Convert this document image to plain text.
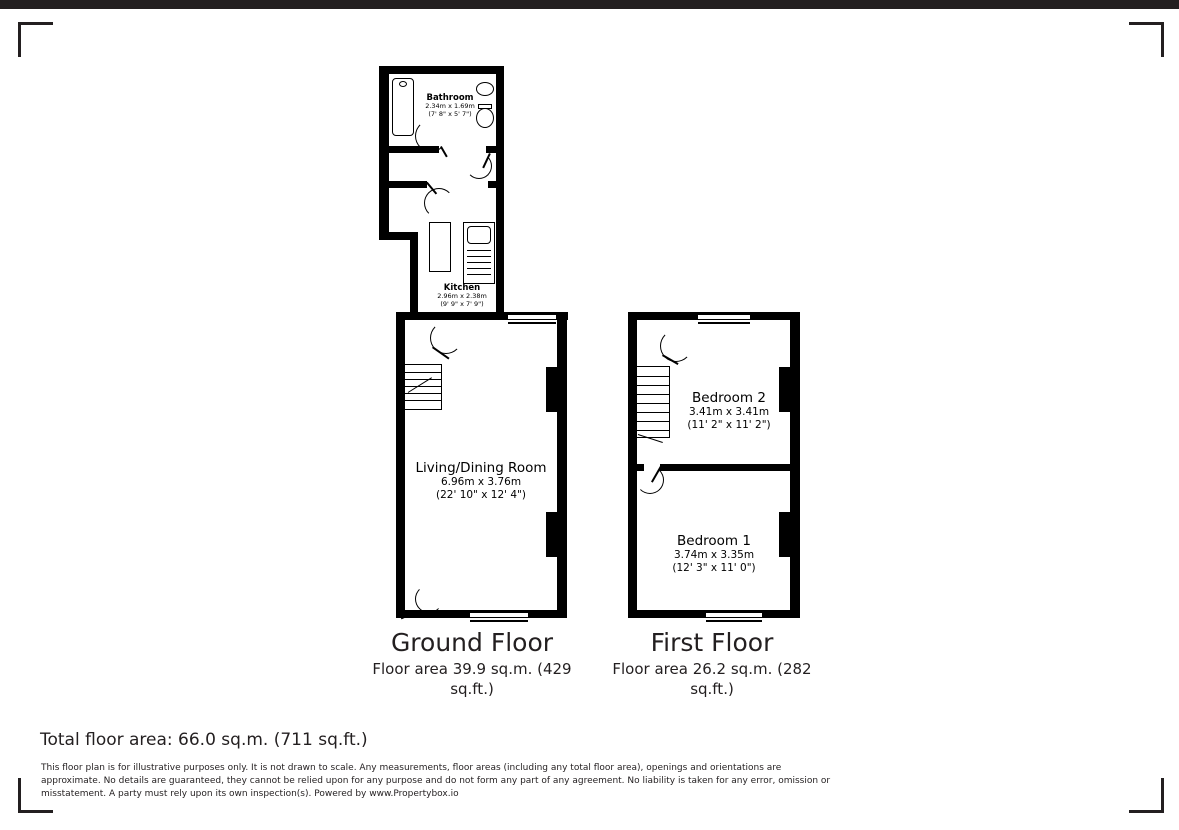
Bathroom
2.34m x 1.69m
(7' 8" x 5' 7")
Kitchen
2.96m x 2.38m
(9' 9" x 7' 9")
Living/Dining Room
6.96m x 3.76m
(22' 10" x 12' 4")
Bedroom 2
3.41m x 3.41m
(11' 2" x 11' 2")
Bedroom 1
3.74m x 3.35m
(12' 3" x 11' 0")
Ground Floor
Floor area 39.9 sq.m. (429 sq.ft.)
First Floor
Floor area 26.2 sq.m. (282 sq.ft.)
Total floor area: 66.0 sq.m. (711 sq.ft.)
This floor plan is for illustrative purposes only. It is not drawn to scale. Any measurements, floor areas (including any total floor area), openings and orientations are approximate. No details are guaranteed, they cannot be relied upon for any purpose and do not form any part of any agreement. No liability is taken for any error, omission or misstatement. A party must rely upon its own inspection(s). Powered by www.Propertybox.io
